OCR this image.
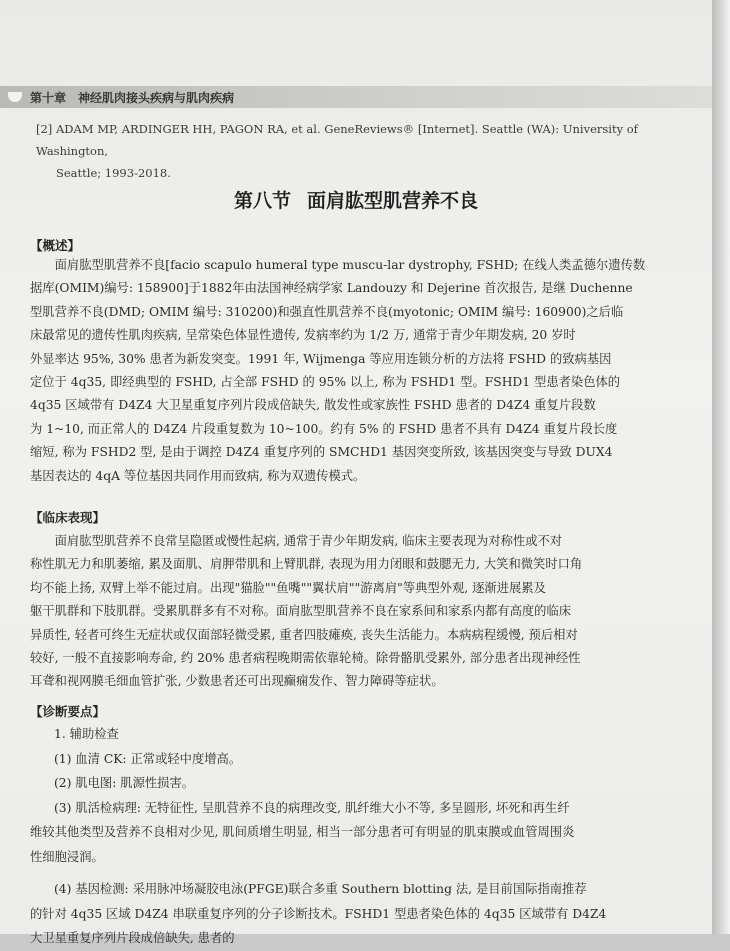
第十章　神经肌肉接头疾病与肌肉疾病
[2] ADAM MP, ARDINGER HH, PAGON RA, et al. GeneReviews® [Internet]. Seattle (WA): University of Washington,
Seattle; 1993-2018.
第八节 面肩肱型肌营养不良
【概述】

面肩肱型肌营养不良[facio scapulo humeral type muscu-lar dystrophy, FSHD; 在线人类孟德尔遗传数

据库(OMIM)编号: 158900]于1882年由法国神经病学家 Landouzy 和 Dejerine 首次报告, 是继 Duchenne

型肌营养不良(DMD; OMIM 编号: 310200)和强直性肌营养不良(myotonic; OMIM 编号: 160900)之后临

床最常见的遗传性肌肉疾病, 呈常染色体显性遗传, 发病率约为 1/2 万, 通常于青少年期发病, 20 岁时

外显率达 95%, 30% 患者为新发突变。1991 年, Wijmenga 等应用连锁分析的方法将 FSHD 的致病基因

定位于 4q35, 即经典型的 FSHD, 占全部 FSHD 的 95% 以上, 称为 FSHD1 型。FSHD1 型患者染色体的

4q35 区域带有 D4Z4 大卫星重复序列片段成倍缺失, 散发性或家族性 FSHD 患者的 D4Z4 重复片段数

为 1~10, 而正常人的 D4Z4 片段重复数为 10~100。约有 5% 的 FSHD 患者不具有 D4Z4 重复片段长度

缩短, 称为 FSHD2 型, 是由于调控 D4Z4 重复序列的 SMCHD1 基因突变所致, 该基因突变与导致 DUX4

基因表达的 4qA 等位基因共同作用而致病, 称为双遗传模式。

【临床表现】

面肩肱型肌营养不良常呈隐匿或慢性起病, 通常于青少年期发病, 临床主要表现为对称性或不对

称性肌无力和肌萎缩, 累及面肌、肩胛带肌和上臂肌群, 表现为用力闭眼和鼓腮无力, 大笑和微笑时口角

均不能上扬, 双臂上举不能过肩。出现"猫脸""鱼嘴""翼状肩""游离肩"等典型外观, 逐渐进展累及

躯干肌群和下肢肌群。受累肌群多有不对称。面肩肱型肌营养不良在家系间和家系内都有高度的临床

异质性, 轻者可终生无症状或仅面部轻微受累, 重者四肢瘫痪, 丧失生活能力。本病病程缓慢, 预后相对

较好, 一般不直接影响寿命, 约 20% 患者病程晚期需依靠轮椅。除骨骼肌受累外, 部分患者出现神经性

耳聋和视网膜毛细血管扩张, 少数患者还可出现癫痫发作、智力障碍等症状。

【诊断要点】

1. 辅助检查

(1) 血清 CK: 正常或轻中度增高。

(2) 肌电图: 肌源性损害。

(3) 肌活检病理: 无特征性, 呈肌营养不良的病理改变, 肌纤维大小不等, 多呈圆形, 坏死和再生纤

维较其他类型及营养不良相对少见, 肌间质增生明显, 相当一部分患者可有明显的肌束膜或血管周围炎

性细胞浸润。

(4) 基因检测: 采用脉冲场凝胶电泳(PFGE)联合多重 Southern blotting 法, 是目前国际指南推荐

的针对 4q35 区域 D4Z4 串联重复序列的分子诊断技术。FSHD1 型患者染色体的 4q35 区域带有 D4Z4

大卫星重复序列片段成倍缺失, 患者的
